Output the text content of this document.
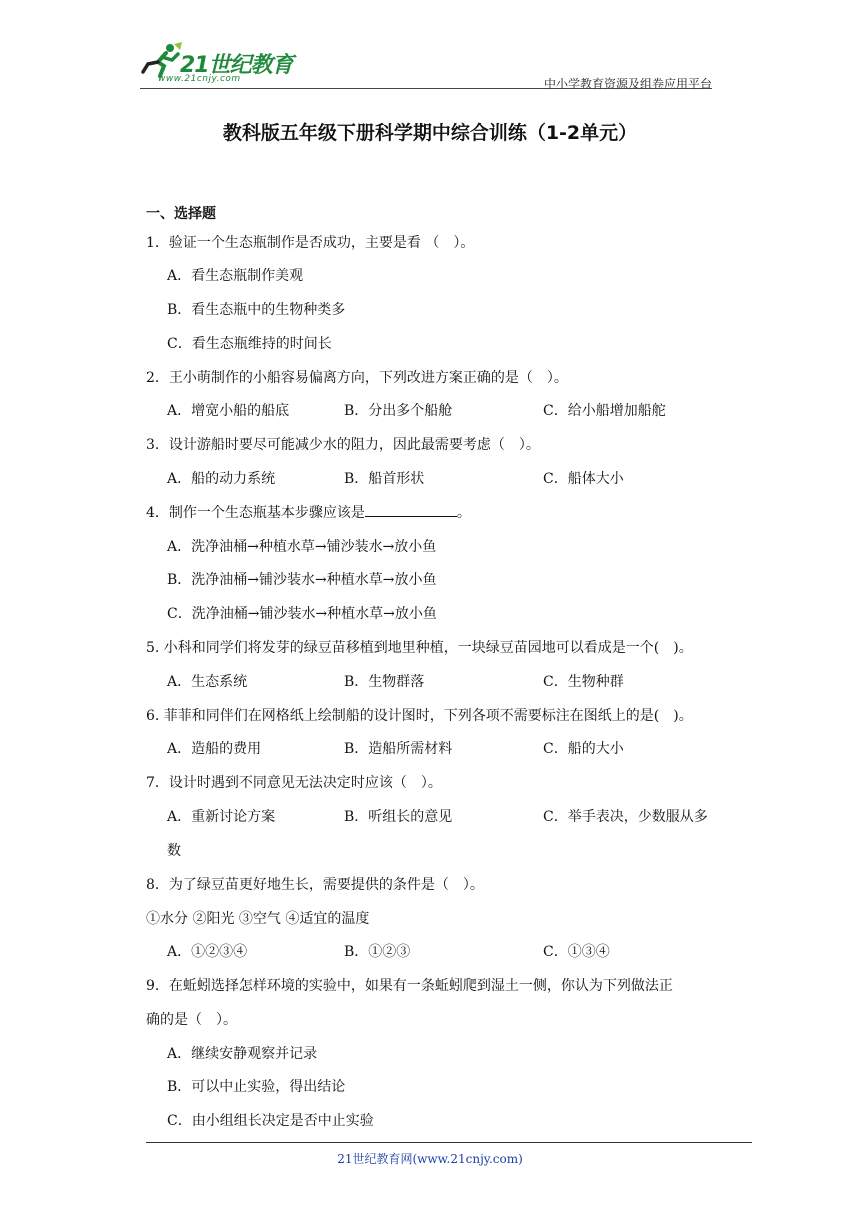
21世纪教育
www.21cnjy.com	中小学教育资源及组卷应用平台
教科版五年级下册科学期中综合训练（1-2单元）
一、选择题
1．验证一个生态瓶制作是否成功，主要是看 （　）。
A．看生态瓶制作美观
B．看生态瓶中的生物种类多
C．看生态瓶维持的时间长
2．王小萌制作的小船容易偏离方向，下列改进方案正确的是（　）。
A．增宽小船的船底	B．分出多个船舱	C．给小船增加船舵
3．设计游船时要尽可能减少水的阻力，因此最需要考虑（　）。
A．船的动力系统	B．船首形状	C．船体大小
4．制作一个生态瓶基本步骤应该是	。
A．洗净油桶→种植水草→铺沙装水→放小鱼
B．洗净油桶→铺沙装水→种植水草→放小鱼
C．洗净油桶→铺沙装水→种植水草→放小鱼
5. 小科和同学们将发芽的绿豆苗移植到地里种植，一块绿豆苗园地可以看成是一个(　)。
A．生态系统	B．生物群落	C．生物种群
6. 菲菲和同伴们在网格纸上绘制船的设计图时，下列各项不需要标注在图纸上的是(　)。
A．造船的费用	B．造船所需材料	C．船的大小
7．设计时遇到不同意见无法决定时应该（　）。
A．重新讨论方案	B．听组长的意见	C．举手表决，少数服从多
数
8．为了绿豆苗更好地生长，需要提供的条件是（　）。
①水分 ②阳光 ③空气 ④适宜的温度
A．①②③④	B．①②③	C．①③④
9．在蚯蚓选择怎样环境的实验中，如果有一条蚯蚓爬到湿土一侧，你认为下列做法正
确的是（　）。
A．继续安静观察并记录
B．可以中止实验，得出结论
C．由小组组长决定是否中止实验
21世纪教育网(www.21cnjy.com)
